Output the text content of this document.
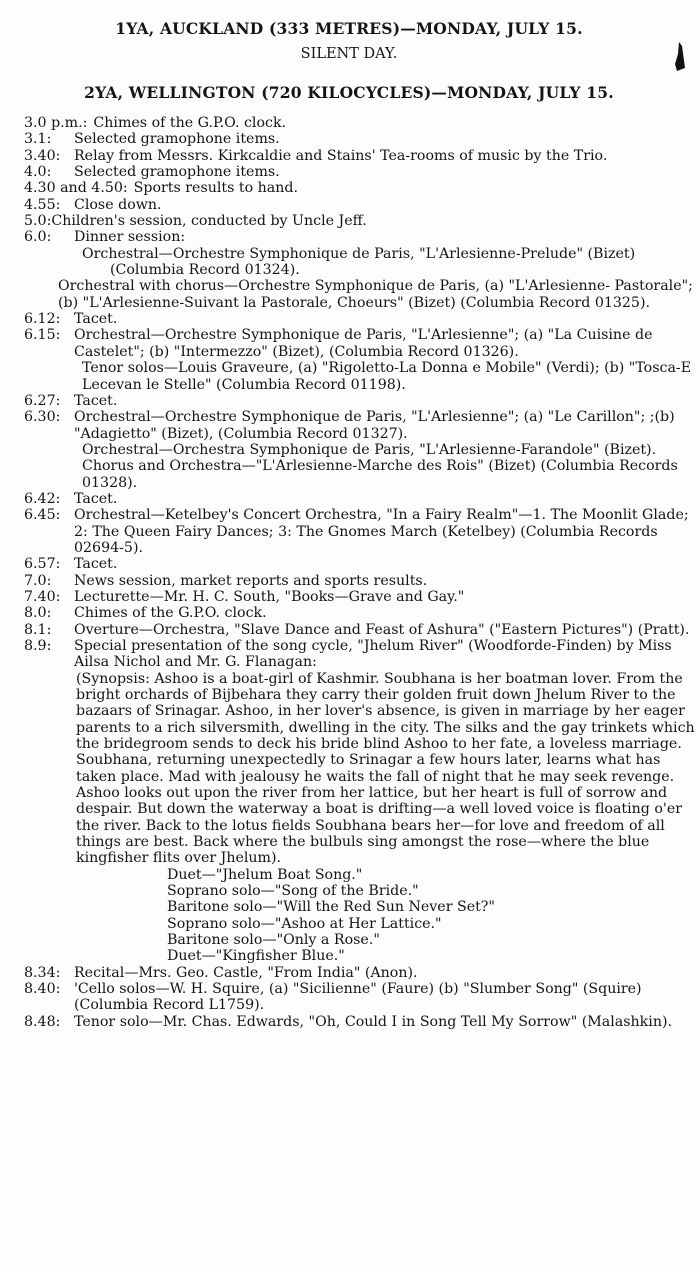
1YA, AUCKLAND (333 METRES)—MONDAY, JULY 15.
SILENT DAY.
2YA, WELLINGTON (720 KILOCYCLES)—MONDAY, JULY 15.
3.0 p.m.: Chimes of the G.P.O. clock.
3.1:	Selected gramophone items.
3.40: Relay from Messrs. Kirkcaldie and Stains' Tea-rooms of music by the Trio.
4.0:	Selected gramophone items.
4.30 and 4.50: Sports results to hand.
4.55: Close down.
5.0: Children's session, conducted by Uncle Jeff.
6.0:	Dinner session:
Orchestral—Orchestre Symphonique de Paris, "L'Arlesienne-Prelude" (Bizet) (Columbia Record 01324).
Orchestral with chorus—Orchestre Symphonique de Paris, (a) "L'Arlesienne- Pastorale"; (b) "L'Arlesienne-Suivant la Pastorale, Choeurs" (Bizet) (Columbia Record 01325).
6.12: Tacet.
6.15: Orchestral—Orchestre Symphonique de Paris, "L'Arlesienne"; (a) "La Cuisine de Castelet"; (b) "Intermezzo" (Bizet), (Columbia Record 01326).
Tenor solos—Louis Graveure, (a) "Rigoletto-La Donna e Mobile" (Verdi); (b) "Tosca-E Lecevan le Stelle" (Columbia Record 01198).
6.27: Tacet.
6.30: Orchestral—Orchestre Symphonique de Paris, "L'Arlesienne"; (a) "Le Carillon"; ;(b) "Adagietto" (Bizet), (Columbia Record 01327).
Orchestral—Orchestra Symphonique de Paris, "L'Arlesienne-Farandole" (Bizet).
Chorus and Orchestra—"L'Arlesienne-Marche des Rois" (Bizet) (Columbia Records 01328).
6.42: Tacet.
6.45: Orchestral—Ketelbey's Concert Orchestra, "In a Fairy Realm"—1. The Moonlit Glade; 2: The Queen Fairy Dances; 3: The Gnomes March (Ketelbey) (Columbia Records 02694-5).
6.57: Tacet.
7.0:	News session, market reports and sports results.
7.40: Lecturette—Mr. H. C. South, "Books—Grave and Gay."
8.0:	Chimes of the G.P.O. clock.
8.1:	Overture—Orchestra, "Slave Dance and Feast of Ashura" ("Eastern Pictures") (Pratt).
8.9:	Special presentation of the song cycle, "Jhelum River" (Woodforde-Finden) by Miss Ailsa Nichol and Mr. G. Flanagan:
(Synopsis: Ashoo is a boat-girl of Kashmir. Soubhana is her boatman lover. From the bright orchards of Bijbehara they carry their golden fruit down Jhelum River to the bazaars of Srinagar. Ashoo, in her lover's absence, is given in marriage by her eager parents to a rich silversmith, dwelling in the city. The silks and the gay trinkets which the bridegroom sends to deck his bride blind Ashoo to her fate, a loveless marriage. Soubhana, returning unexpectedly to Srinagar a few hours later, learns what has taken place. Mad with jealousy he waits the fall of night that he may seek revenge. Ashoo looks out upon the river from her lattice, but her heart is full of sorrow and despair. But down the waterway a boat is drifting—a well loved voice is floating o'er the river. Back to the lotus fields Soubhana bears her—for love and freedom of all things are best. Back where the bulbuls sing amongst the rose—where the blue kingfisher flits over Jhelum).
Duet—"Jhelum Boat Song."
Soprano solo—"Song of the Bride."
Baritone solo—"Will the Red Sun Never Set?"
Soprano solo—"Ashoo at Her Lattice."
Baritone solo—"Only a Rose."
Duet—"Kingfisher Blue."
8.34: Recital—Mrs. Geo. Castle, "From India" (Anon).
8.40: 'Cello solos—W. H. Squire, (a) "Sicilienne" (Faure) (b) "Slumber Song" (Squire) (Columbia Record L1759).
8.48: Tenor solo—Mr. Chas. Edwards, "Oh, Could I in Song Tell My Sorrow" (Malashkin).
